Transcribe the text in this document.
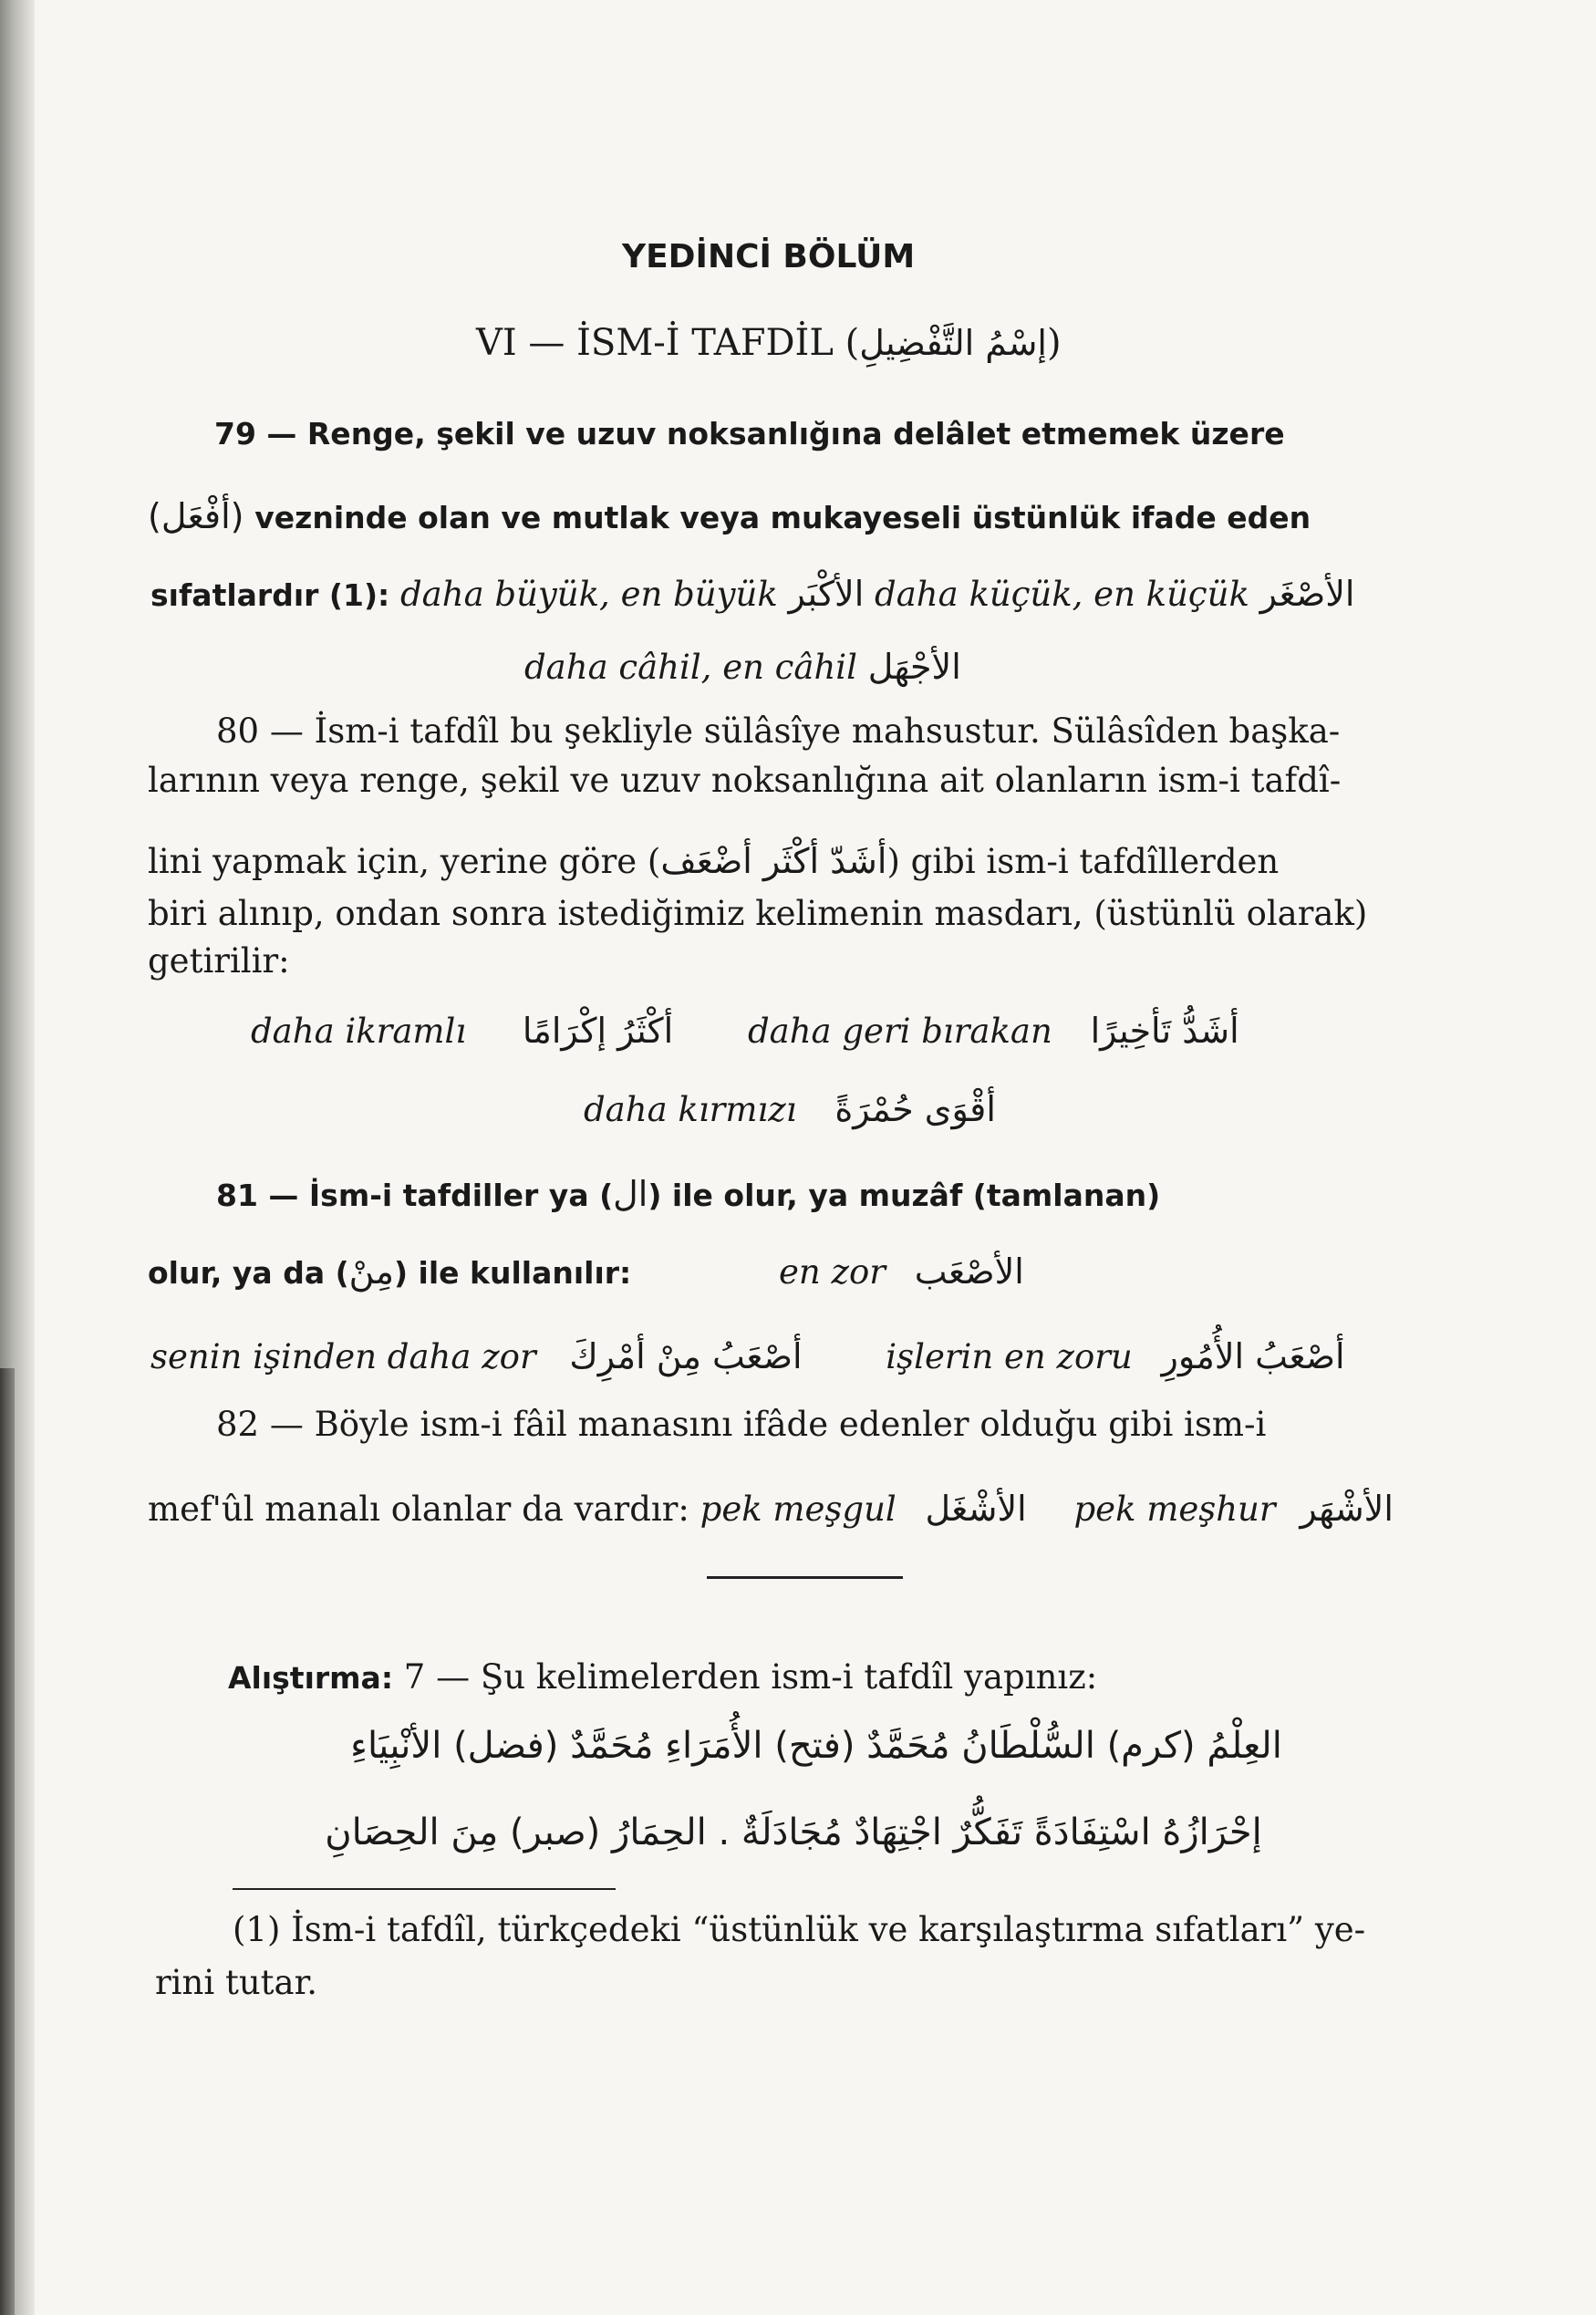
YEDİNCİ BÖLÜM
VI — İSM-İ TAFDİL (إسْمُ التَّفْضِيلِ)
79 — Renge, şekil ve uzuv noksanlığına delâlet etmemek üzere
(أفْعَل) vezninde olan ve mutlak veya mukayeseli üstünlük ifade eden
sıfatlardır (1): daha büyük, en büyük الأكْبَر daha küçük, en küçük الأصْغَر
daha câhil, en câhil الأجْهَل
80 — İsm-i tafdîl bu şekliyle sülâsîye mahsustur. Sülâsîden başka-
larının veya renge, şekil ve uzuv noksanlığına ait olanların ism-i tafdî-
lini yapmak için, yerine göre (أشَدّ أكْثَر أضْعَف) gibi ism-i tafdîllerden
biri alınıp, ondan sonra istediğimiz kelimenin masdarı, (üstünlü olarak)
getirilir:
daha ikramlı أكْثَرُ إكْرَامًا daha geri bırakan أشَدُّ تَأخِيرًا
daha kırmızı أقْوَى حُمْرَةً
81 — İsm-i tafdiller ya (ال) ile olur, ya muzâf (tamlanan)
olur, ya da (مِنْ) ile kullanılır:	en zor الأصْعَب
senin işinden daha zor أصْعَبُ مِنْ أمْرِكَ işlerin en zoru أصْعَبُ الأُمُورِ
82 — Böyle ism-i fâil manasını ifâde edenler olduğu gibi ism-i
mef'ûl manalı olanlar da vardır: pek meşgul الأشْغَل pek meşhur الأشْهَر
Alıştırma: 7 — Şu kelimelerden ism-i tafdîl yapınız:
العِلْمُ (كرم) السُّلْطَانُ مُحَمَّدٌ (فتح) الأُمَرَاءِ مُحَمَّدٌ (فضل) الأنْبِيَاءِ
إحْرَازُهُ اسْتِفَادَةً تَفَكُّرٌ اجْتِهَادٌ مُجَادَلَةٌ . الحِمَارُ (صبر) مِنَ الحِصَانِ
(1) İsm-i tafdîl, türkçedeki “üstünlük ve karşılaştırma sıfatları” ye-
rini tutar.
